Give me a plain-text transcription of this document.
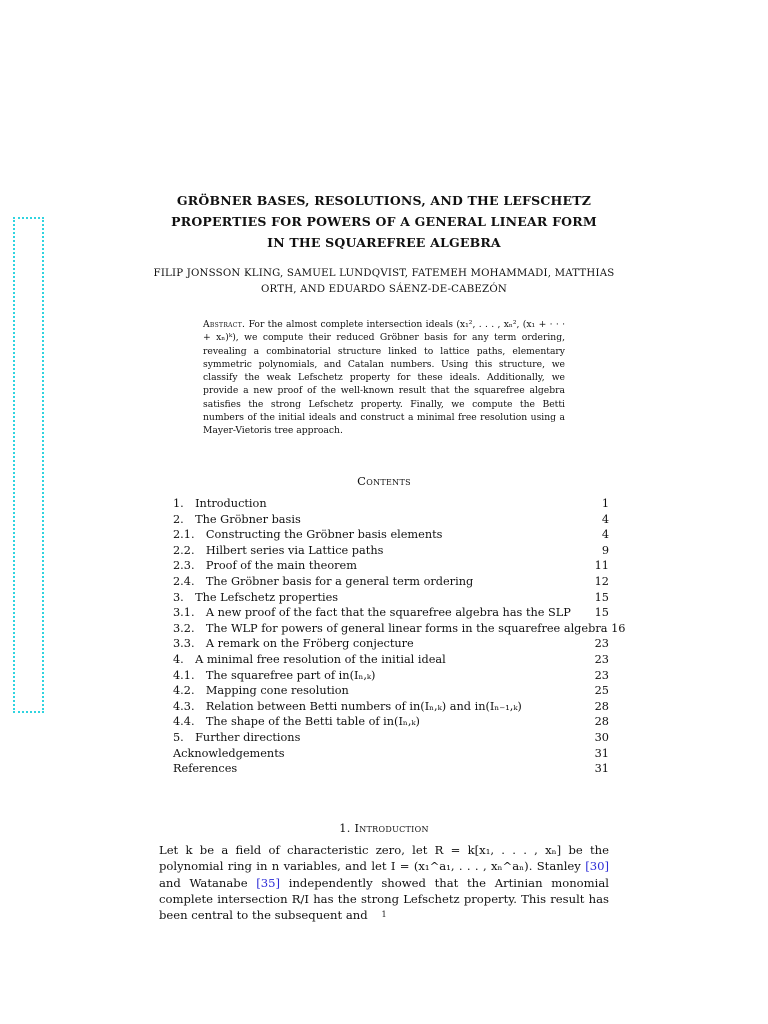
GRÖBNER BASES, RESOLUTIONS, AND THE LEFSCHETZ
PROPERTIES FOR POWERS OF A GENERAL LINEAR FORM
IN THE SQUAREFREE ALGEBRA
FILIP JONSSON KLING, SAMUEL LUNDQVIST, FATEMEH MOHAMMADI, MATTHIAS
ORTH, AND EDUARDO SÁENZ-DE-CABEZÓN
Abstract. For the almost complete intersection ideals (x₁², . . . , xₙ², (x₁ + · · · + xₙ)ᵏ), we compute their reduced Gröbner basis for any term ordering, revealing a combinatorial structure linked to lattice paths, elementary symmetric polynomials, and Catalan numbers. Using this structure, we classify the weak Lefschetz property for these ideals. Additionally, we provide a new proof of the well-known result that the squarefree algebra satisfies the strong Lefschetz property. Finally, we compute the Betti numbers of the initial ideals and construct a minimal free resolution using a Mayer-Vietoris tree approach.
Contents
1.  Introduction	1
2.  The Gröbner basis	4
2.1.  Constructing the Gröbner basis elements	4
2.2.  Hilbert series via Lattice paths	9
2.3.  Proof of the main theorem	11
2.4.  The Gröbner basis for a general term ordering	12
3.  The Lefschetz properties	15
3.1.  A new proof of the fact that the squarefree algebra has the SLP	15
3.2.  The WLP for powers of general linear forms in the squarefree algebra 16
3.3.  A remark on the Fröberg conjecture	23
4.  A minimal free resolution of the initial ideal	23
4.1.  The squarefree part of in(Iₙ,ₖ)	23
4.2.  Mapping cone resolution	25
4.3.  Relation between Betti numbers of in(Iₙ,ₖ) and in(Iₙ₋₁,ₖ)	28
4.4.  The shape of the Betti table of in(Iₙ,ₖ)	28
5.  Further directions	30
Acknowledgements	31
References	31
1. Introduction
Let k be a field of characteristic zero, let R = k[x₁, . . . , xₙ] be the polynomial ring in n variables, and let I = (x₁^a₁, . . . , xₙ^aₙ). Stanley [30] and Watanabe [35] independently showed that the Artinian monomial complete intersection R/I has the strong Lefschetz property. This result has been central to the subsequent and	1
